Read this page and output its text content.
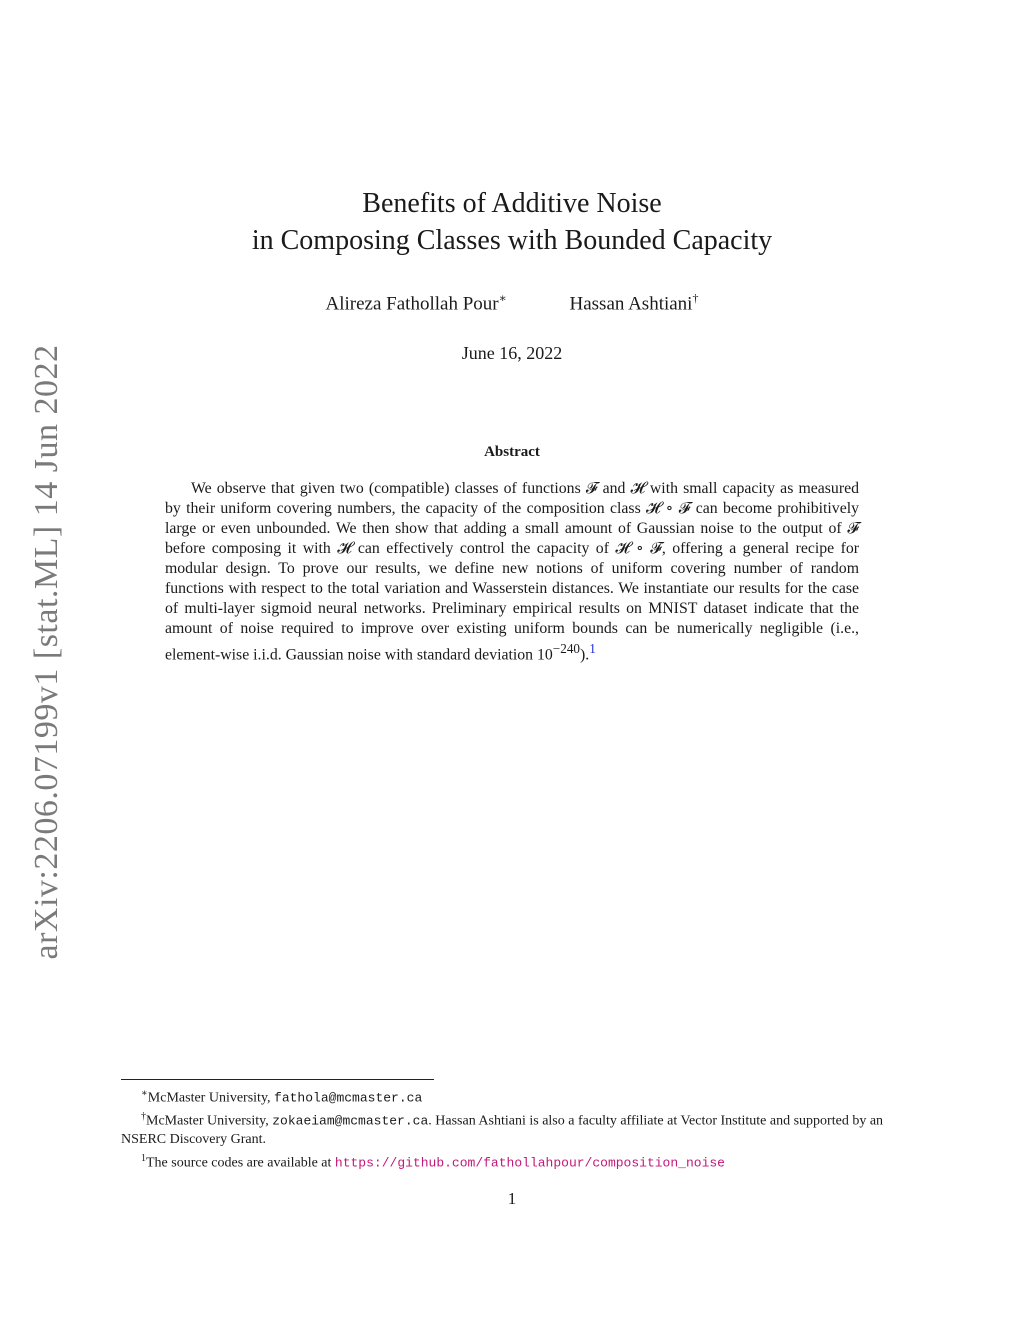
arXiv:2206.07199v1 [stat.ML] 14 Jun 2022
Benefits of Additive Noise
in Composing Classes with Bounded Capacity
Alireza Fathollah Pour∗	Hassan Ashtiani†
June 16, 2022
Abstract

We observe that given two (compatible) classes of functions 𝓕 and 𝓗 with small capacity as measured by their uniform covering numbers, the capacity of the composition class 𝓗 ∘ 𝓕 can become prohibitively large or even unbounded. We then show that adding a small amount of Gaussian noise to the output of 𝓕 before composing it with 𝓗 can effectively control the capacity of 𝓗 ∘ 𝓕, offering a general recipe for modular design. To prove our results, we define new notions of uniform covering number of random functions with respect to the total variation and Wasserstein distances. We instantiate our results for the case of multi-layer sigmoid neural networks. Preliminary empirical results on MNIST dataset indicate that the amount of noise required to improve over existing uniform bounds can be numerically negligible (i.e., element-wise i.i.d. Gaussian noise with standard deviation $10^{-240}).^1$

∗McMaster University, fathola@mcmaster.ca

†McMaster University, zokaeiam@mcmaster.ca. Hassan Ashtiani is also a faculty affiliate at Vector Institute and supported by an NSERC Discovery Grant.

$^1$The source codes are available at https://github.com/fathollahpour/composition_noise

1
